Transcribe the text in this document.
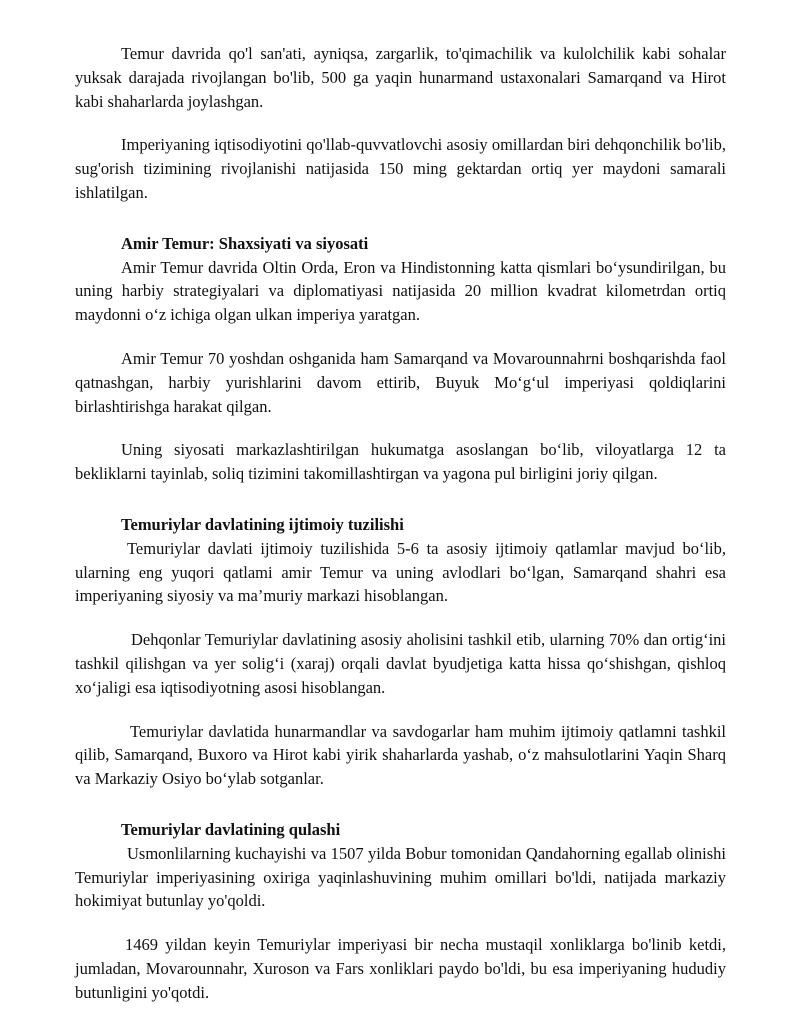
Temur davrida qo'l san'ati, ayniqsa, zargarlik, to'qimachilik va kulolchilik kabi sohalar yuksak darajada rivojlangan bo'lib, 500 ga yaqin hunarmand ustaxonalari Samarqand va Hirot kabi shaharlarda joylashgan.

Imperiyaning iqtisodiyotini qo'llab-quvvatlovchi asosiy omillardan biri dehqonchilik bo'lib, sug'orish tizimining rivojlanishi natijasida 150 ming gektardan ortiq yer maydoni samarali ishlatilgan.

Amir Temur: Shaxsiyati va siyosati

Amir Temur davrida Oltin Orda, Eron va Hindistonning katta qismlari bo‘ysundirilgan, bu uning harbiy strategiyalari va diplomatiyasi natijasida 20 million kvadrat kilometrdan ortiq maydonni o‘z ichiga olgan ulkan imperiya yaratgan.

Amir Temur 70 yoshdan oshganida ham Samarqand va Movarounnahrni boshqarishda faol qatnashgan, harbiy yurishlarini davom ettirib, Buyuk Mo‘g‘ul imperiyasi qoldiqlarini birlashtirishga harakat qilgan.

Uning siyosati markazlashtirilgan hukumatga asoslangan bo‘lib, viloyatlarga 12 ta bekliklarni tayinlab, soliq tizimini takomillashtirgan va yagona pul birligini joriy qilgan.

Temuriylar davlatining ijtimoiy tuzilishi

Temuriylar davlati ijtimoiy tuzilishida 5-6 ta asosiy ijtimoiy qatlamlar mavjud bo‘lib, ularning eng yuqori qatlami amir Temur va uning avlodlari bo‘lgan, Samarqand shahri esa imperiyaning siyosiy va ma’muriy markazi hisoblangan.

Dehqonlar Temuriylar davlatining asosiy aholisini tashkil etib, ularning 70% dan ortig‘ini tashkil qilishgan va yer solig‘i (xaraj) orqali davlat byudjetiga katta hissa qo‘shishgan, qishloq xo‘jaligi esa iqtisodiyotning asosi hisoblangan.

Temuriylar davlatida hunarmandlar va savdogarlar ham muhim ijtimoiy qatlamni tashkil qilib, Samarqand, Buxoro va Hirot kabi yirik shaharlarda yashab, o‘z mahsulotlarini Yaqin Sharq va Markaziy Osiyo bo‘ylab sotganlar.

Temuriylar davlatining qulashi

Usmonlilarning kuchayishi va 1507 yilda Bobur tomonidan Qandahorning egallab olinishi Temuriylar imperiyasining oxiriga yaqinlashuvining muhim omillari bo'ldi, natijada markaziy hokimiyat butunlay yo'qoldi.

1469 yildan keyin Temuriylar imperiyasi bir necha mustaqil xonliklarga bo'linib ketdi, jumladan, Movarounnahr, Xuroson va Fars xonliklari paydo bo'ldi, bu esa imperiyaning hududiy butunligini yo'qotdi.
